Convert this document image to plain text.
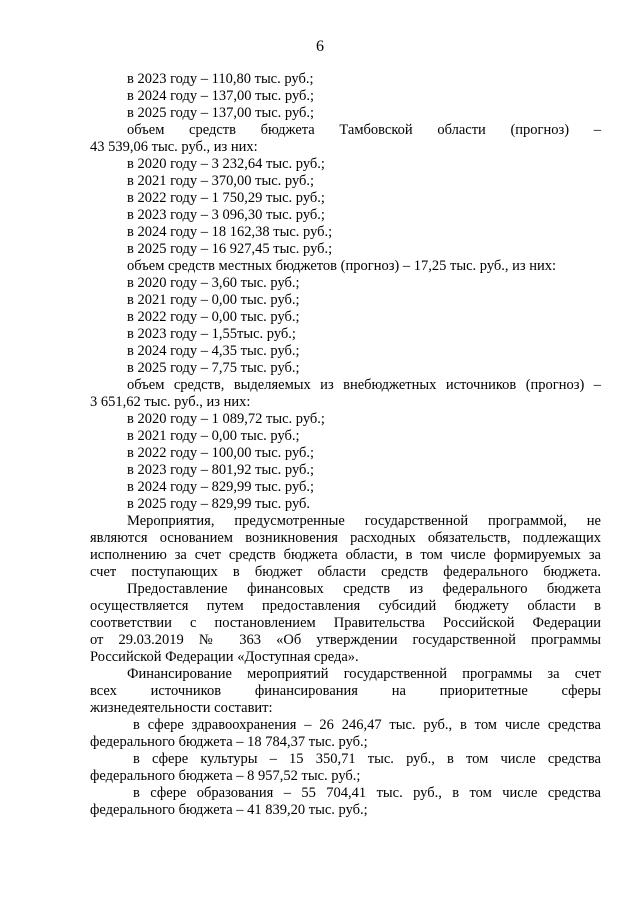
6
в 2023 году – 110,80 тыс. руб.;
в 2024 году – 137,00 тыс. руб.;
в 2025 году – 137,00 тыс. руб.;
объем средств бюджета Тамбовской области (прогноз) –
43 539,06 тыс. руб., из них:
в 2020 году – 3 232,64 тыс. руб.;
в 2021 году – 370,00 тыс. руб.;
в 2022 году – 1 750,29 тыс. руб.;
в 2023 году – 3 096,30 тыс. руб.;
в 2024 году – 18 162,38 тыс. руб.;
в 2025 году – 16 927,45 тыс. руб.;
объем средств местных бюджетов (прогноз) – 17,25 тыс. руб., из них:
в 2020 году – 3,60 тыс. руб.;
в 2021 году – 0,00 тыс. руб.;
в 2022 году – 0,00 тыс. руб.;
в 2023 году – 1,55тыс. руб.;
в 2024 году – 4,35 тыс. руб.;
в 2025 году – 7,75 тыс. руб.;
объем средств, выделяемых из внебюджетных источников (прогноз) –
3 651,62 тыс. руб., из них:
в 2020 году – 1 089,72 тыс. руб.;
в 2021 году – 0,00 тыс. руб.;
в 2022 году – 100,00 тыс. руб.;
в 2023 году – 801,92 тыс. руб.;
в 2024 году – 829,99 тыс. руб.;
в 2025 году – 829,99 тыс. руб.
Мероприятия, предусмотренные государственной программой, не
являются основанием возникновения расходных обязательств, подлежащих
исполнению за счет средств бюджета области, в том числе формируемых за
счет поступающих в бюджет области средств федерального бюджета.
Предоставление финансовых средств из федерального бюджета
осуществляется путем предоставления субсидий бюджету области в
соответствии с постановлением Правительства Российской Федерации
от 29.03.2019 № 363 «Об утверждении государственной программы
Российской Федерации «Доступная среда».
Финансирование мероприятий государственной программы за счет
всех источников финансирования на приоритетные сферы
жизнедеятельности составит:
в сфере здравоохранения – 26 246,47 тыс. руб., в том числе средства
федерального бюджета – 18 784,37 тыс. руб.;
в сфере культуры – 15 350,71 тыс. руб., в том числе средства
федерального бюджета – 8 957,52 тыс. руб.;
в сфере образования – 55 704,41 тыс. руб., в том числе средства
федерального бюджета – 41 839,20 тыс. руб.;
